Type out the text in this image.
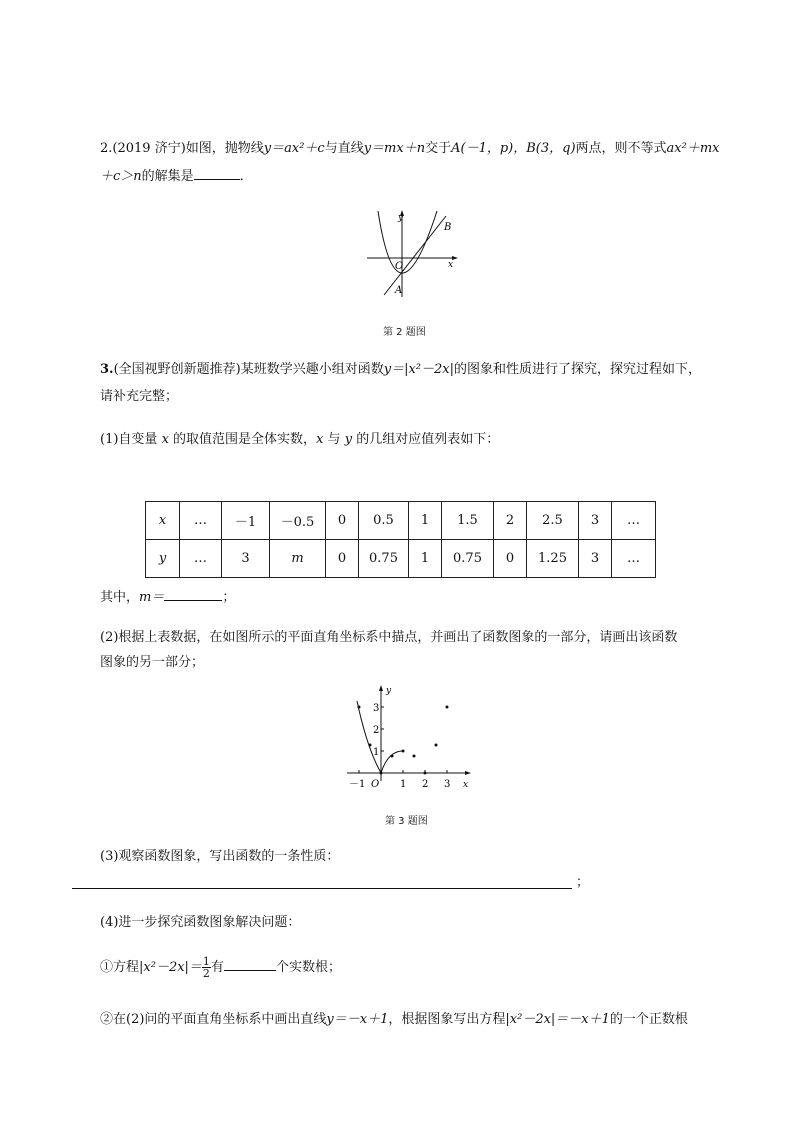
2.(2019 济宁)如图，抛物线y＝ax²＋c与直线y＝mx＋n交于A(－1，p)，B(3，q)两点，则不等式ax²＋mx
＋c＞n的解集是	．
y
x
O
A
B
第 2 题图
3.(全国视野创新题推荐)某班数学兴趣小组对函数y＝|x²－2x|的图象和性质进行了探究，探究过程如下，
请补充完整；
(1)自变量 x 的取值范围是全体实数，x 与 y 的几组对应值列表如下：
x	…	－1	－0.5	0	0.5	1	1.5	2	2.5	3	…
y	…	3	m	0	0.75	1	0.75	0	1.25	3	…
其中，m＝	；
(2)根据上表数据，在如图所示的平面直角坐标系中描点，并画出了函数图象的一部分，请画出该函数
图象的另一部分；
y
x
O
－1	1 2 3
1
2
3
第 3 题图
(3)观察函数图象，写出函数的一条性质：
；
(4)进一步探究函数图象解决问题：
①方程$|x^2-2x|= \frac{1}{2}$ 有	个实数根；
②在(2)问的平面直角坐标系中画出直线y＝－x＋1，根据图象写出方程|x²－2x|＝－x＋1的一个正数根
